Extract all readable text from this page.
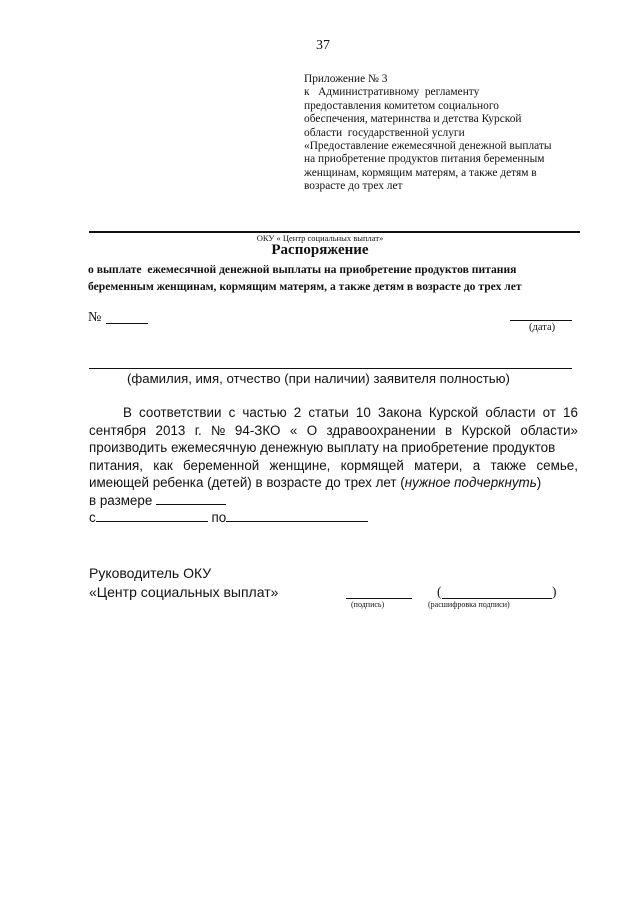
37
Приложение № 3
к   Административному  регламенту
предоставления комитетом социального
обеспечения, материнства и детства Курской
области  государственной услуги
«Предоставление ежемесячной денежной выплаты
на приобретение продуктов питания беременным
женщинам, кормящим матерям, а также детям в
возрасте до трех лет
ОКУ « Центр социальных выплат»
Распоряжение
о выплате  ежемесячной денежной выплаты на приобретение продуктов питания
беременным женщинам, кормящим матерям, а также детям в возрасте до трех лет
№
(дата)
(фамилия, имя, отчество (при наличии) заявителя полностью)
В соответствии с частью 2 статьи 10 Закона Курской области от 16
сентября 2013 г. № 94-ЗКО « О здравоохранении в Курской области»
производить ежемесячную денежную выплату на приобретение продуктов
питания, как беременной женщине, кормящей матери, а также семье,
имеющей ребенка (детей) в возрасте до трех лет ( нужное подчеркнуть )
в размере

с
	по
Руководитель ОКУ
«Центр социальных выплат»
(подпись)
(	)
(расшифровка подписи)
